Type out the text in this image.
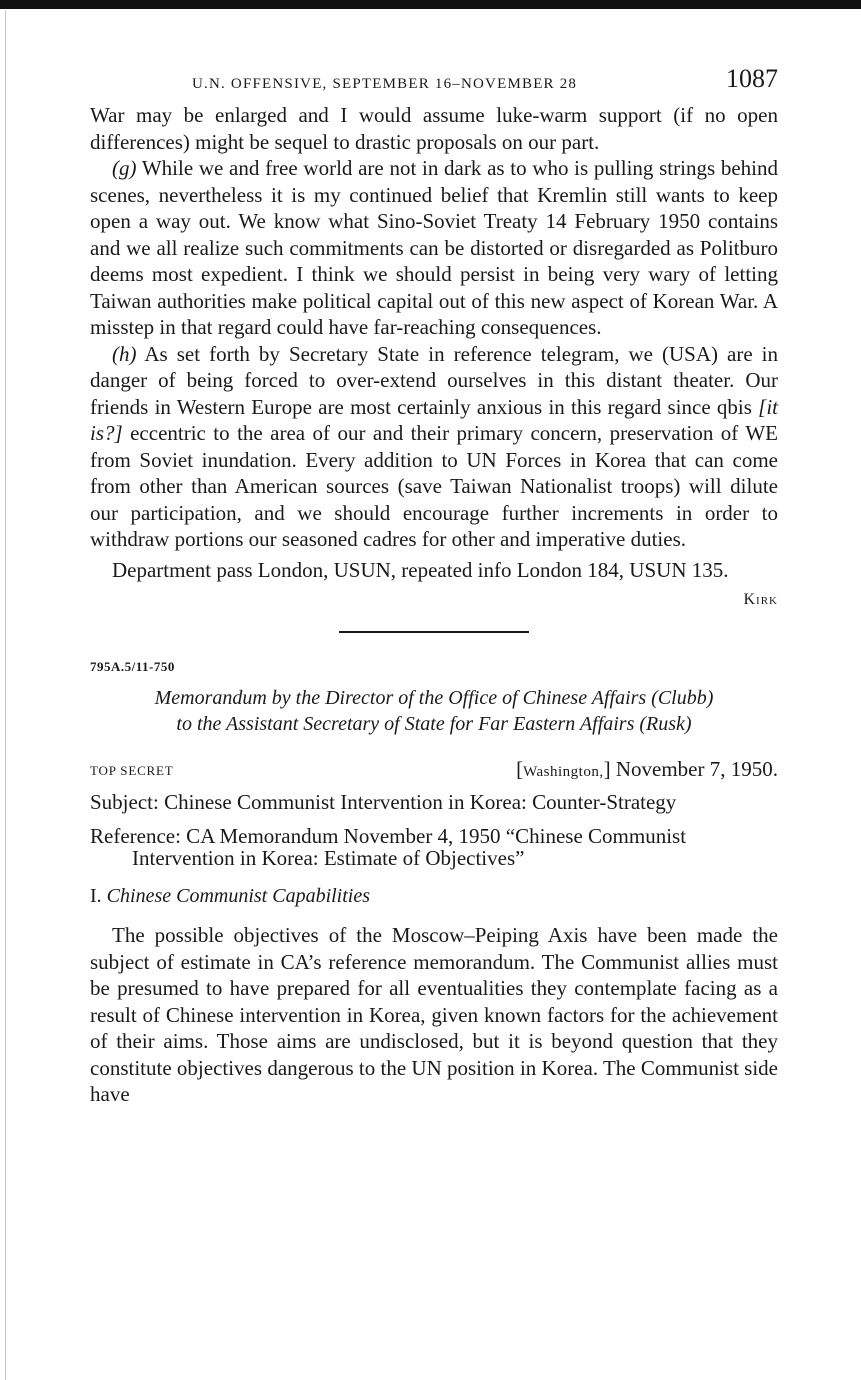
U.N. OFFENSIVE, SEPTEMBER 16–NOVEMBER 28	1087

War may be enlarged and I would assume luke-warm support (if no open differences) might be sequel to drastic proposals on our part.

(g) While we and free world are not in dark as to who is pulling strings behind scenes, nevertheless it is my continued belief that Kremlin still wants to keep open a way out. We know what Sino-Soviet Treaty 14 February 1950 contains and we all realize such commitments can be distorted or disregarded as Politburo deems most expedient. I think we should persist in being very wary of letting Taiwan authorities make political capital out of this new aspect of Korean War. A misstep in that regard could have far-reaching consequences.

(h) As set forth by Secretary State in reference telegram, we (USA) are in danger of being forced to over-extend ourselves in this distant theater. Our friends in Western Europe are most certainly anxious in this regard since qbis [it is?] eccentric to the area of our and their primary concern, preservation of WE from Soviet inundation. Every addition to UN Forces in Korea that can come from other than American sources (save Taiwan Nationalist troops) will dilute our participation, and we should encourage further increments in order to withdraw portions our seasoned cadres for other and imperative duties.

Department pass London, USUN, repeated info London 184, USUN 135.

Kirk
795A.5/11-750
Memorandum by the Director of the Office of Chinese Affairs (Clubb)
to the Assistant Secretary of State for Far Eastern Affairs (Rusk)
TOP SECRET	[Washington,] November 7, 1950.
Subject: Chinese Communist Intervention in Korea: Counter-Strategy
Reference: CA Memorandum November 4, 1950 “Chinese Communist Intervention in Korea: Estimate of Objectives”
I. Chinese Communist Capabilities

The possible objectives of the Moscow–Peiping Axis have been made the subject of estimate in CA’s reference memorandum. The Communist allies must be presumed to have prepared for all eventualities they contemplate facing as a result of Chinese intervention in Korea, given known factors for the achievement of their aims. Those aims are undisclosed, but it is beyond question that they constitute objectives dangerous to the UN position in Korea. The Communist side have
